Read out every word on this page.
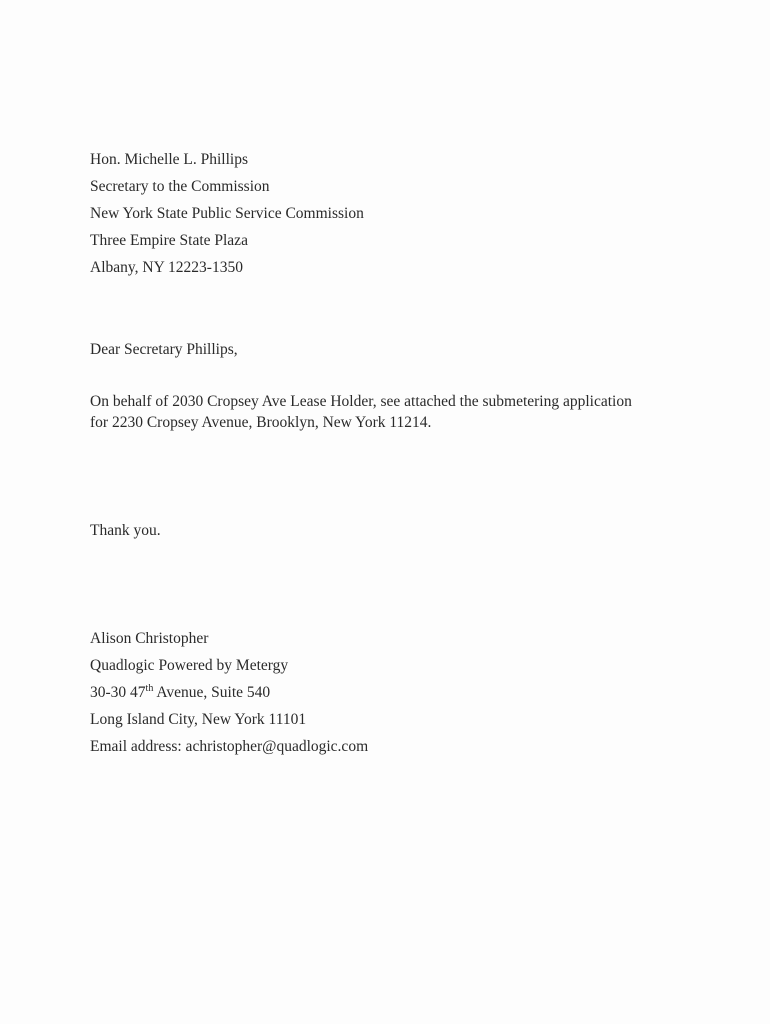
Hon. Michelle L. Phillips
Secretary to the Commission
New York State Public Service Commission
Three Empire State Plaza
Albany, NY 12223-1350
Dear Secretary Phillips,
On behalf of 2030 Cropsey Ave Lease Holder, see attached the submetering application
for 2230 Cropsey Avenue, Brooklyn, New York 11214.
Thank you.
Alison Christopher
Quadlogic Powered by Metergy
30-30 47th Avenue, Suite 540
Long Island City, New York 11101
Email address: achristopher@quadlogic.com
